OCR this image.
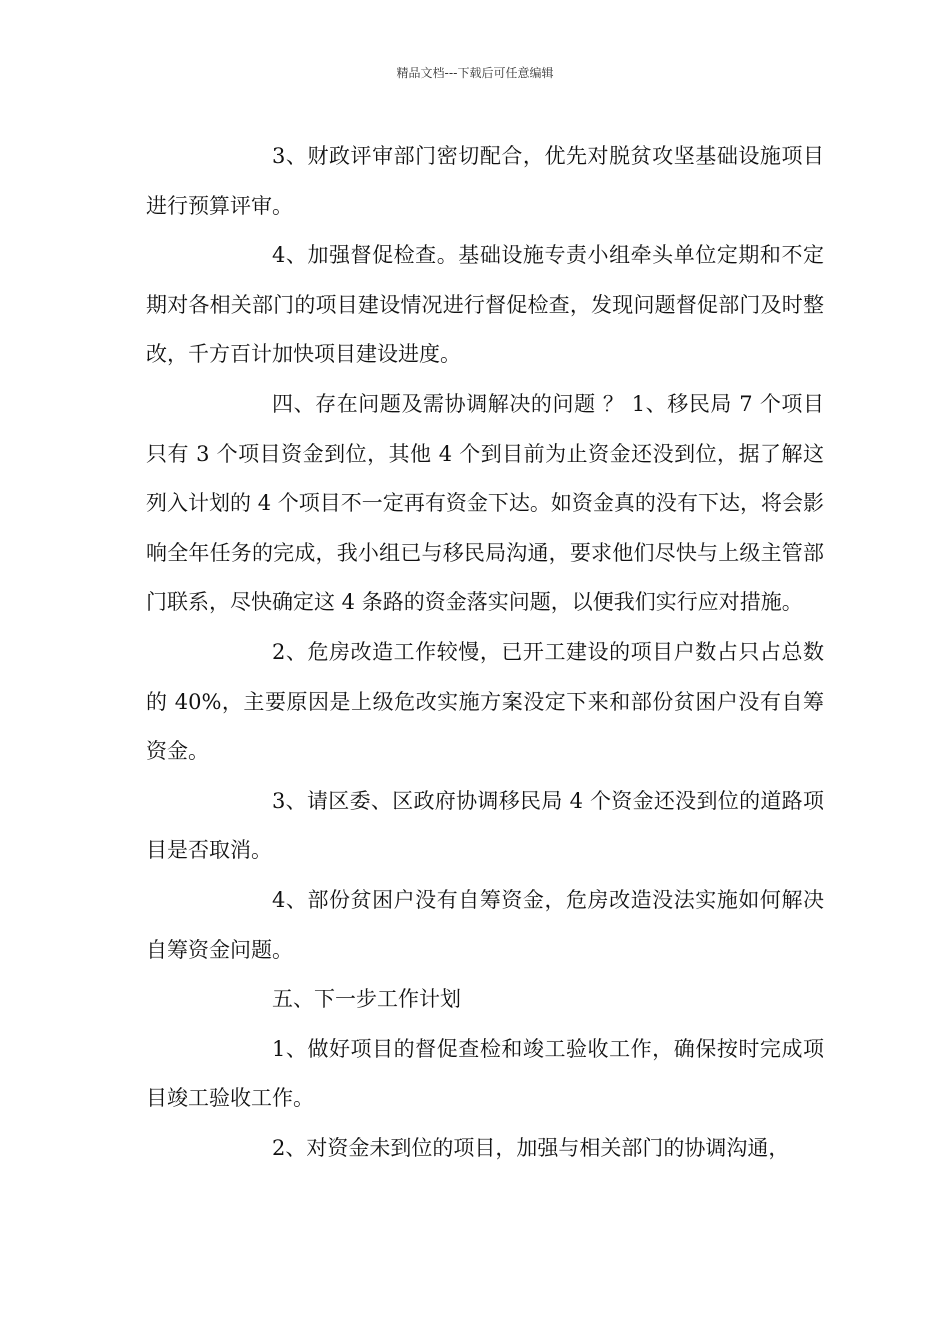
精品文档---下载后可任意编辑

3、财政评审部门密切配合，优先对脱贫攻坚基础设施项目进行预算评审。

4、加强督促检查。基础设施专责小组牵头单位定期和不定期对各相关部门的项目建设情况进行督促检查，发现问题督促部门及时整改，千方百计加快项目建设进度。

四、存在问题及需协调解决的问题 ？ 1、移民局 7 个项目只有 3 个项目资金到位，其他 4 个到目前为止资金还没到位，据了解这列入计划的 4 个项目不一定再有资金下达。如资金真的没有下达，将会影响全年任务的完成，我小组已与移民局沟通，要求他们尽快与上级主管部门联系，尽快确定这 4 条路的资金落实问题，以便我们实行应对措施。

2、危房改造工作较慢，已开工建设的项目户数占只占总数的 40%，主要原因是上级危改实施方案没定下来和部份贫困户没有自筹资金。

3、请区委、区政府协调移民局 4 个资金还没到位的道路项目是否取消。

4、部份贫困户没有自筹资金，危房改造没法实施如何解决自筹资金问题。

五、下一步工作计划

1、做好项目的督促查检和竣工验收工作，确保按时完成项目竣工验收工作。

2、对资金未到位的项目，加强与相关部门的协调沟通，
